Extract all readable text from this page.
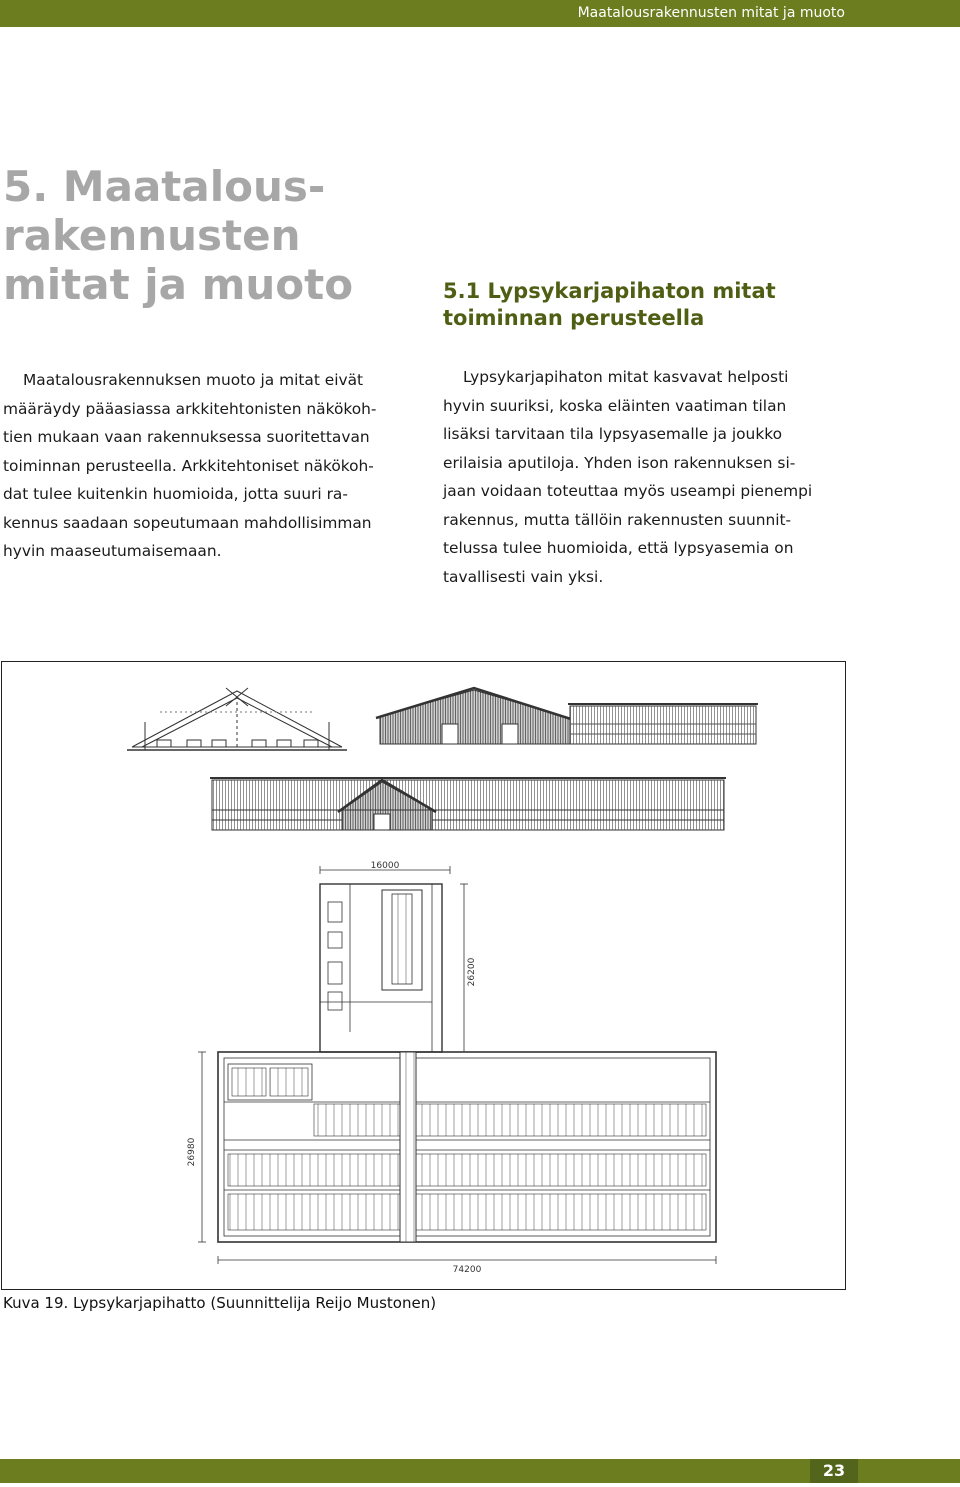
Maatalousrakennusten mitat ja muoto
5. Maatalous-
rakennusten
mitat ja muoto	5.1 Lypsykarjapihaton mitat
toiminnan perusteella

Maatalousrakennuksen muoto ja mitat eivät
määräydy pääasiassa arkkitehtonisten näkökoh-
tien mukaan vaan rakennuksessa suoritettavan
toiminnan perusteella. Arkkitehtoniset näkökoh-
dat tulee kuitenkin huomioida, jotta suuri ra-
kennus saadaan sopeutumaan mahdollisimman
hyvin maaseutumaisemaan.

Lypsykarjapihaton mitat kasvavat helposti
hyvin suuriksi, koska eläinten vaatiman tilan
lisäksi tarvitaan tila lypsyasemalle ja joukko
erilaisia aputiloja. Yhden ison rakennuksen si-
jaan voidaan toteuttaa myös useampi pienempi
rakennus, mutta tällöin rakennusten suunnit-
telussa tulee huomioida, että lypsyasemia on
tavallisesti vain yksi.

16000
26200
26980
74200

Kuva 19. Lypsykarjapihatto (Suunnittelija Reijo Mustonen)

23
